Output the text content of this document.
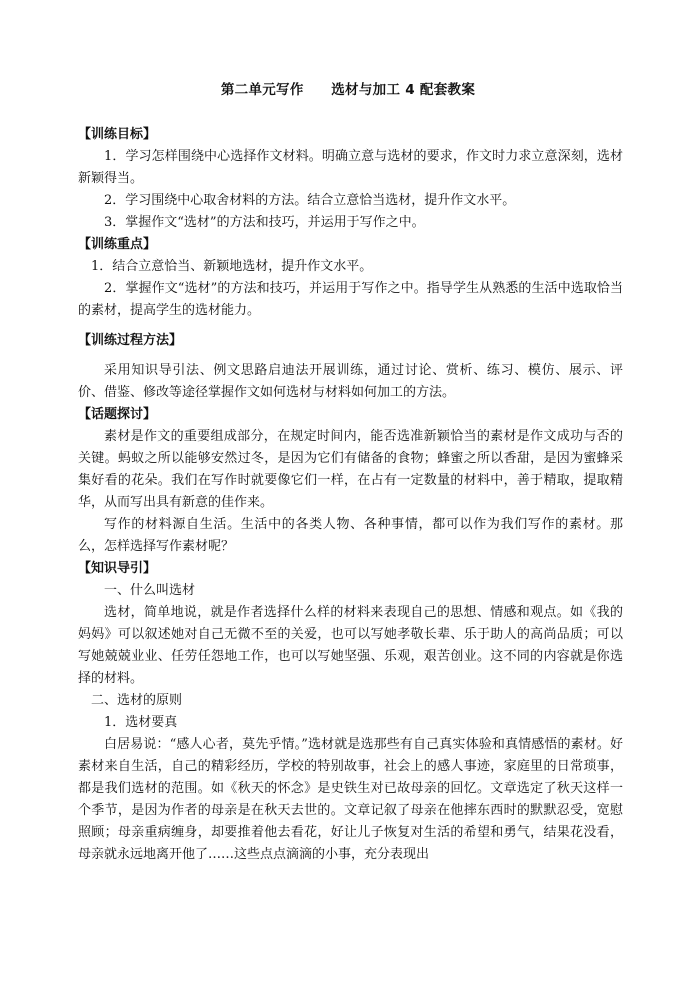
第二单元写作　　选材与加工 4 配套教案

【训练目标】

1．学习怎样围绕中心选择作文材料。明确立意与选材的要求，作文时力求立意深刻，选材新颖得当。

2．学习围绕中心取舍材料的方法。结合立意恰当选材，提升作文水平。

3．掌握作文“选材”的方法和技巧，并运用于写作之中。

【训练重点】

1．结合立意恰当、新颖地选材，提升作文水平。

2．掌握作文“选材”的方法和技巧，并运用于写作之中。指导学生从熟悉的生活中选取恰当的素材，提高学生的选材能力。

【训练过程方法】

采用知识导引法、例文思路启迪法开展训练，通过讨论、赏析、练习、模仿、展示、评价、借鉴、修改等途径掌握作文如何选材与材料如何加工的方法。

【话题探讨】

素材是作文的重要组成部分，在规定时间内，能否选准新颖恰当的素材是作文成功与否的关键。蚂蚁之所以能够安然过冬，是因为它们有储备的食物；蜂蜜之所以香甜，是因为蜜蜂采集好看的花朵。我们在写作时就要像它们一样，在占有一定数量的材料中，善于精取，提取精华，从而写出具有新意的佳作来。

写作的材料源自生活。生活中的各类人物、各种事情，都可以作为我们写作的素材。那么，怎样选择写作素材呢？

【知识导引】

一、什么叫选材

选材，简单地说，就是作者选择什么样的材料来表现自己的思想、情感和观点。如《我的妈妈》可以叙述她对自己无微不至的关爱，也可以写她孝敬长辈、乐于助人的高尚品质；可以写她兢兢业业、任劳任怨地工作，也可以写她坚强、乐观，艰苦创业。这不同的内容就是你选择的材料。

二、选材的原则

1．选材要真

白居易说：“感人心者，莫先乎情。”选材就是选那些有自己真实体验和真情感悟的素材。好素材来自生活，自己的精彩经历，学校的特别故事，社会上的感人事迹，家庭里的日常琐事，都是我们选材的范围。如《秋天的怀念》是史铁生对已故母亲的回忆。文章选定了秋天这样一个季节，是因为作者的母亲是在秋天去世的。文章记叙了母亲在他摔东西时的默默忍受，宽慰照顾；母亲重病缠身，却要推着他去看花，好让儿子恢复对生活的希望和勇气，结果花没看，母亲就永远地离开他了……这些点点滴滴的小事，充分表现出
